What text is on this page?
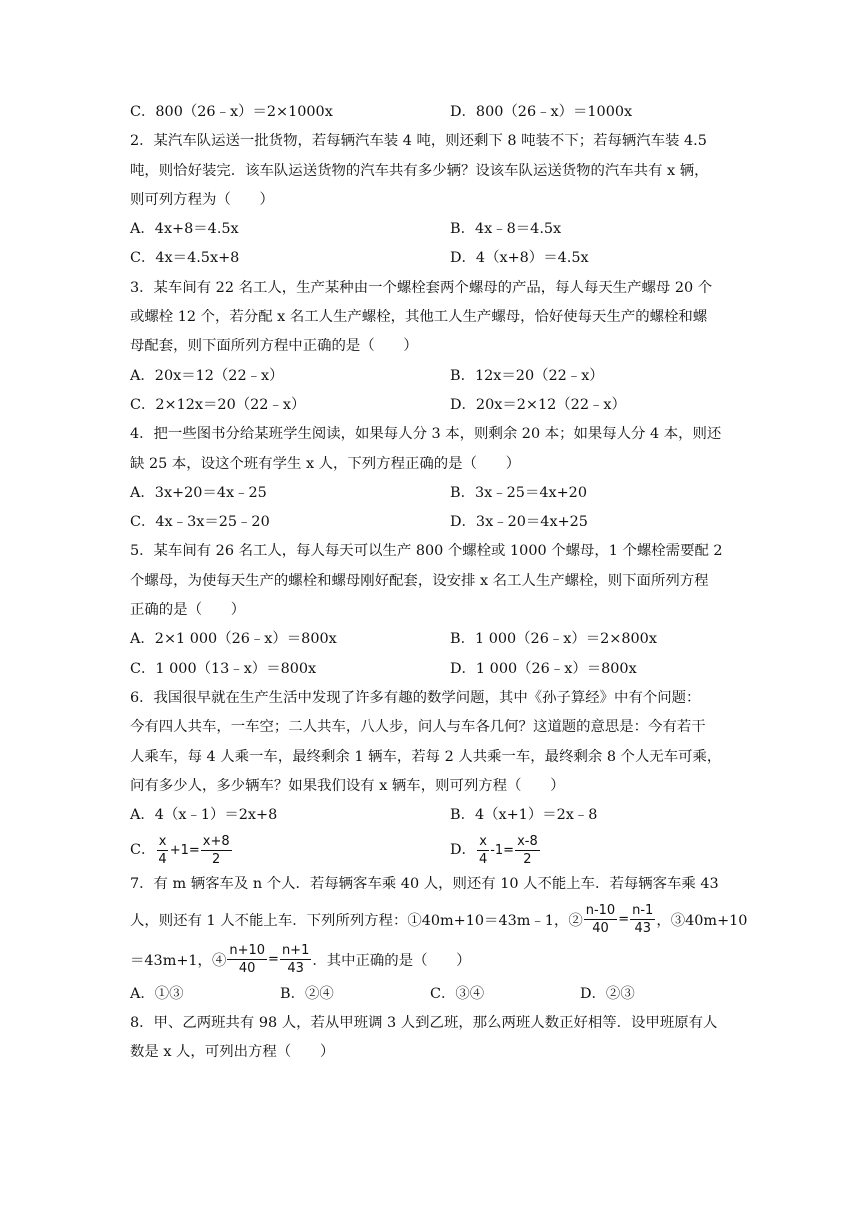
C．800（26﹣x）＝2×1000x	D．800（26﹣x）＝1000x
2．某汽车队运送一批货物，若每辆汽车装 4 吨，则还剩下 8 吨装不下；若每辆汽车装 4.5
吨，则恰好装完．该车队运送货物的汽车共有多少辆？设该车队运送货物的汽车共有 x 辆，
则可列方程为（　　）
A．4x+8＝4.5x	B．4x﹣8＝4.5x
C．4x＝4.5x+8	D．4（x+8）＝4.5x
3．某车间有 22 名工人，生产某种由一个螺栓套两个螺母的产品，每人每天生产螺母 20 个
或螺栓 12 个，若分配 x 名工人生产螺栓，其他工人生产螺母，恰好使每天生产的螺栓和螺
母配套，则下面所列方程中正确的是（　　）
A．20x＝12（22﹣x）	B．12x＝20（22﹣x）
C．2×12x＝20（22﹣x）	D．20x＝2×12（22﹣x）
4．把一些图书分给某班学生阅读，如果每人分 3 本，则剩余 20 本；如果每人分 4 本，则还
缺 25 本，设这个班有学生 x 人，下列方程正确的是（　　）
A．3x+20＝4x﹣25	B．3x﹣25＝4x+20
C．4x﹣3x＝25﹣20	D．3x﹣20＝4x+25
5．某车间有 26 名工人，每人每天可以生产 800 个螺栓或 1000 个螺母，1 个螺栓需要配 2
个螺母，为使每天生产的螺栓和螺母刚好配套，设安排 x 名工人生产螺栓，则下面所列方程
正确的是（　　）
A．2×1 000（26﹣x）＝800x	B．1 000（26﹣x）＝2×800x
C．1 000（13﹣x）＝800x	D．1 000（26﹣x）＝800x
6．我国很早就在生产生活中发现了许多有趣的数学问题，其中《孙子算经》中有个问题：
今有四人共车，一车空；二人共车，八人步，问人与车各几何？这道题的意思是：今有若干
人乘车，每 4 人乘一车，最终剩余 1 辆车，若每 2 人共乘一车，最终剩余 8 个人无车可乘，
问有多少人，多少辆车？如果我们设有 x 辆车，则可列方程（　　）
A．4（x﹣1）＝2x+8	B．4（x+1）＝2x﹣8
C． $\frac{x}{4} +1= \frac{x+8}{2}$	D． $\frac{x}{4} -1= \frac{x-8}{2}$
7．有 m 辆客车及 n 个人．若每辆客车乘 40 人，则还有 10 人不能上车．若每辆客车乘 43
人，则还有 1 人不能上车．下列所列方程：①40m+10＝43m﹣1，② $\frac{n-10}{40} = \frac{n-1}{43}$ ，③40m+10
＝43m+1，④ $\frac{n+10}{40} = \frac{n+1}{43}$ ．其中正确的是（　　）
A．①③	B．②④	C．③④	D．②③
8．甲、乙两班共有 98 人，若从甲班调 3 人到乙班，那么两班人数正好相等．设甲班原有人
数是 x 人，可列出方程（　　）
